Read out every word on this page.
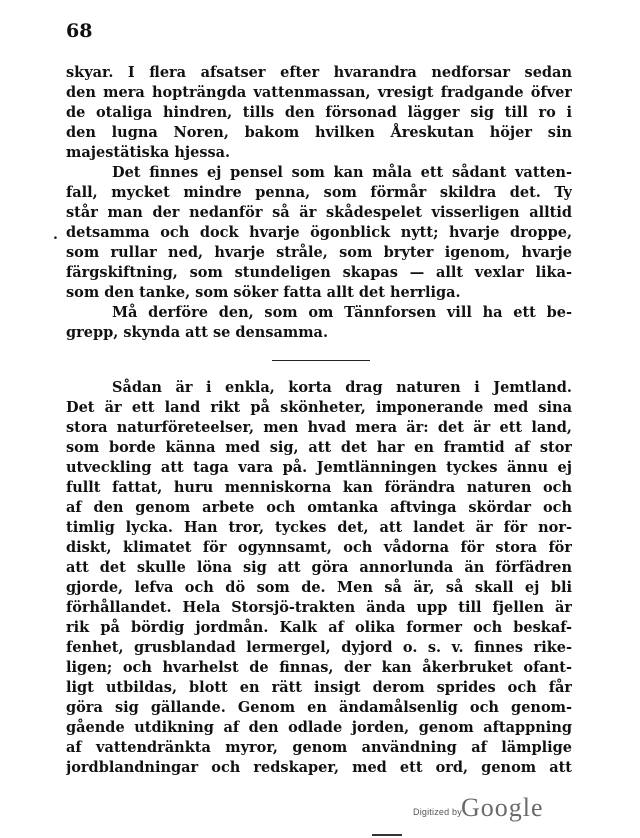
68
.
skyar. I flera afsatser efter hvarandra nedforsar sedan
den mera hopträngda vattenmassan, vresigt fradgande öfver
de otaliga hindren, tills den försonad lägger sig till ro i
den lugna Noren, bakom hvilken Åreskutan höjer sin
majestätiska hjessa.
Det finnes ej pensel som kan måla ett sådant vatten-
fall, mycket mindre penna, som förmår skildra det. Ty
står man der nedanför så är skådespelet visserligen alltid
detsamma och dock hvarje ögonblick nytt; hvarje droppe,
som rullar ned, hvarje stråle, som bryter igenom, hvarje
färgskiftning, som stundeligen skapas — allt vexlar lika-
som den tanke, som söker fatta allt det herrliga.
Må derföre den, som om Tännforsen vill ha ett be-
grepp, skynda att se densamma.
Sådan är i enkla, korta drag naturen i Jemtland.
Det är ett land rikt på skönheter, imponerande med sina
stora naturföreteelser, men hvad mera är: det är ett land,
som borde känna med sig, att det har en framtid af stor
utveckling att taga vara på. Jemtlänningen tyckes ännu ej
fullt fattat, huru menniskorna kan förändra naturen och
af den genom arbete och omtanka aftvinga skördar och
timlig lycka. Han tror, tyckes det, att landet är för nor-
diskt, klimatet för ogynnsamt, och vådorna för stora för
att det skulle löna sig att göra annorlunda än förfädren
gjorde, lefva och dö som de. Men så är, så skall ej bli
förhållandet. Hela Storsjö-trakten ända upp till fjellen är
rik på bördig jordmån. Kalk af olika former och beskaf-
fenhet, grusblandad lermergel, dyjord o. s. v. finnes rike-
ligen; och hvarhelst de finnas, der kan åkerbruket ofant-
ligt utbildas, blott en rätt insigt derom sprides och får
göra sig gällande. Genom en ändamålsenlig och genom-
gående utdikning af den odlade jorden, genom aftappning
af vattendränkta myror, genom användning af lämplige
jordblandningar och redskaper, med ett ord, genom att
Digitized by Google
